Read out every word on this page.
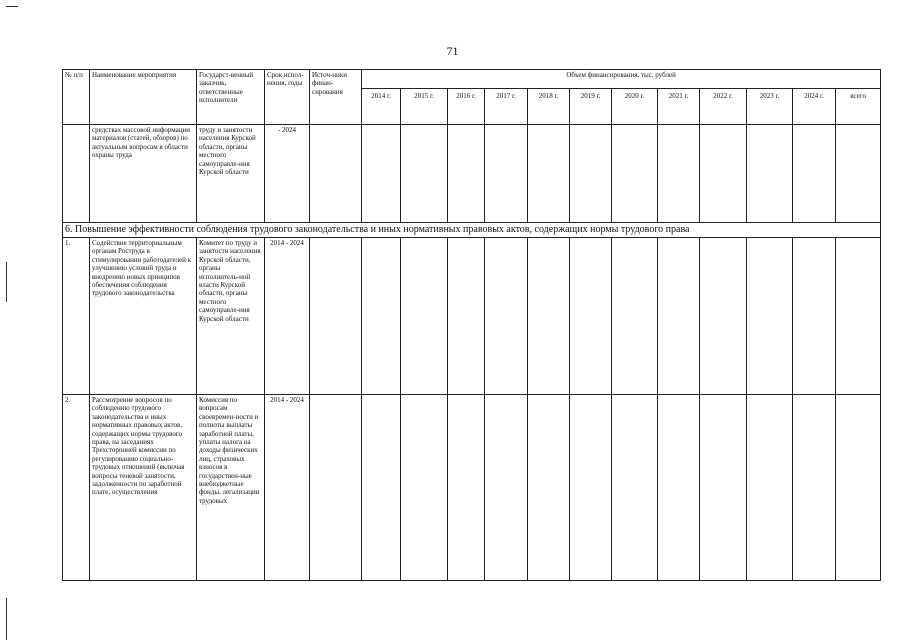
71
№ п/п	Наименование мероприятия	Государст-венный заказчик, ответственные исполнители	Срок испол-нения, годы	Источ-ники финан-сирования	Объем финансирования, тыс. рублей											
					2014 г.	2015 г.	2016 г.	2017 г.	2018 г.	2019 г.	2020 г.	2021 г.	2022 г.	2023 г.	2024 г.	всего
	средствах массовой информации материалов (статей, обзоров) по актуальным вопросам в области охраны труда	труду и занятости населения Курской области, органы местного самоуправле-ния Курской области	- 2024													
6. Повышение эффективности соблюдения трудового законодательства и иных нормативных правовых актов, содержащих нормы трудового права																
1.	Содействие территориальным органам Роструда в стимулировании работодателей к улучшению условий труда и внедрению новых принципов обеспечения соблюдения трудового законодательства	Комитет по труду и занятости населения Курской области, органы исполнитель-ной власти Курской области, органы местного самоуправле-ния Курской области	2014 - 2024													
2.	Рассмотрение вопросов по соблюдению трудового законодательства и иных нормативных правовых актов, содержащих нормы трудового права, на заседаниях Трехсторонней комиссии по регулированию социально-трудовых отношений (включая вопросы теневой занятости, задолженности по заработной плате, осуществления	Комиссия по вопросам своевремен-ности и полноты выплаты заработной платы, уплаты налога на доходы физических лиц, страховых взносов в государствен-ные внебюджетные фонды, легализации трудовых	2014 - 2024													
